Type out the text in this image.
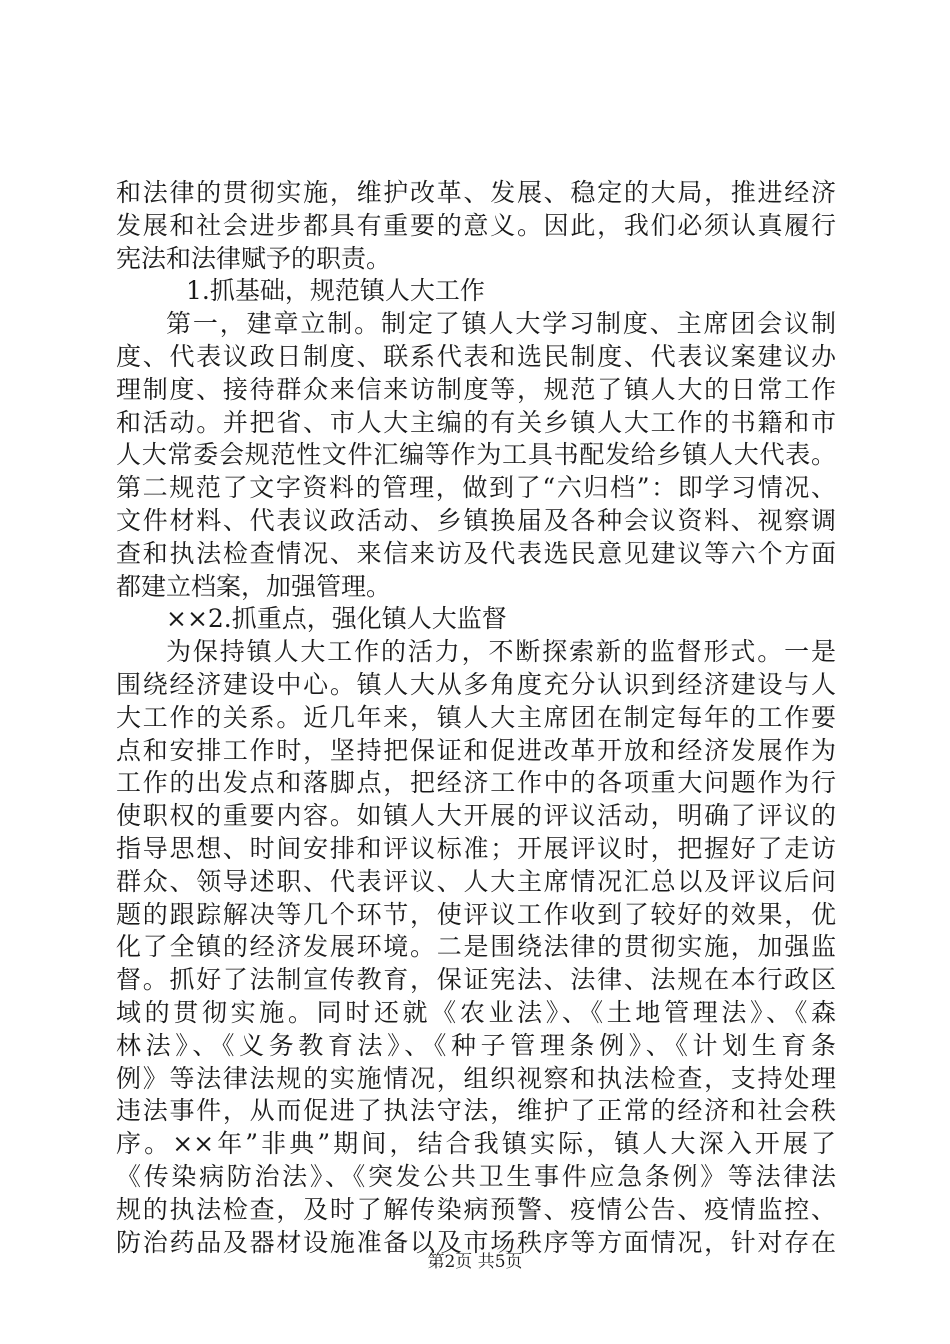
和法律的贯彻实施，维护改革、发展、稳定的大局，推进经济
发展和社会进步都具有重要的意义。因此，我们必须认真履行
宪法和法律赋予的职责。
1.抓基础，规范镇人大工作
第一，建章立制。制定了镇人大学习制度、主席团会议制
度、代表议政日制度、联系代表和选民制度、代表议案建议办
理制度、接待群众来信来访制度等，规范了镇人大的日常工作
和活动。并把省、市人大主编的有关乡镇人大工作的书籍和市
人大常委会规范性文件汇编等作为工具书配发给乡镇人大代表。
第二规范了文字资料的管理，做到了“六归档”：即学习情况、
文件材料、代表议政活动、乡镇换届及各种会议资料、视察调
查和执法检查情况、来信来访及代表选民意见建议等六个方面
都建立档案，加强管理。
××2.抓重点，强化镇人大监督
为保持镇人大工作的活力，不断探索新的监督形式。一是
围绕经济建设中心。镇人大从多角度充分认识到经济建设与人
大工作的关系。近几年来，镇人大主席团在制定每年的工作要
点和安排工作时，坚持把保证和促进改革开放和经济发展作为
工作的出发点和落脚点，把经济工作中的各项重大问题作为行
使职权的重要内容。如镇人大开展的评议活动，明确了评议的
指导思想、时间安排和评议标准；开展评议时，把握好了走访
群众、领导述职、代表评议、人大主席情况汇总以及评议后问
题的跟踪解决等几个环节，使评议工作收到了较好的效果，优
化了全镇的经济发展环境。二是围绕法律的贯彻实施，加强监
督。抓好了法制宣传教育，保证宪法、法律、法规在本行政区
域的贯彻实施。同时还就《农业法》、《土地管理法》、《森
林法》、《义务教育法》、《种子管理条例》、《计划生育条
例》等法律法规的实施情况，组织视察和执法检查，支持处理
违法事件，从而促进了执法守法，维护了正常的经济和社会秩
序。××年”非典”期间，结合我镇实际，镇人大深入开展了
《传染病防治法》、《突发公共卫生事件应急条例》等法律法
规的执法检查，及时了解传染病预警、疫情公告、疫情监控、
防治药品及器材设施准备以及市场秩序等方面情况，针对存在
第2页 共5页
